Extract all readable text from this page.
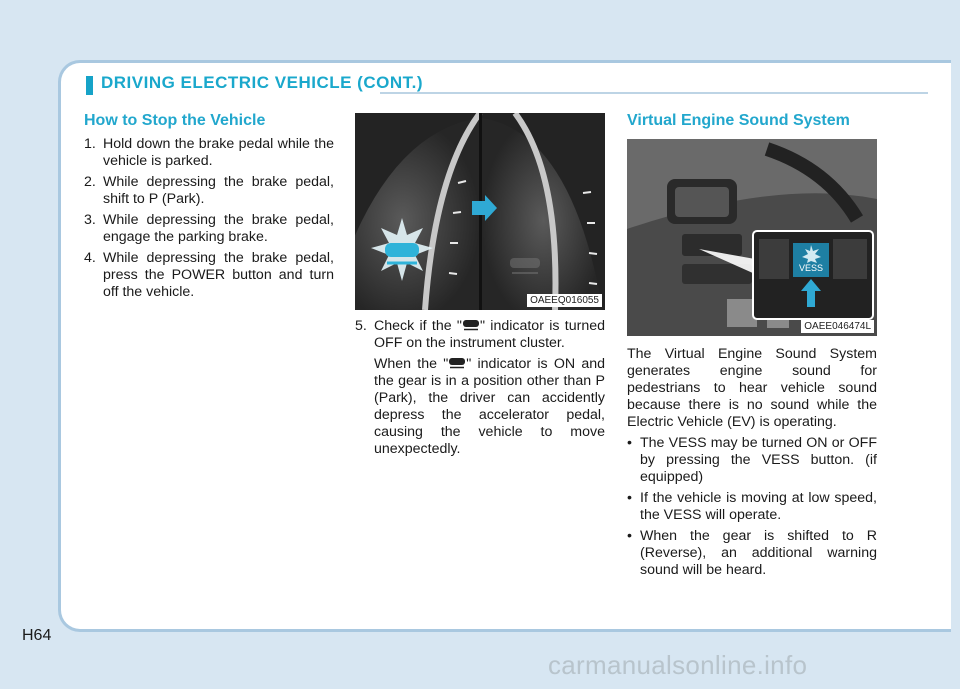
DRIVING ELECTRIC VEHICLE (CONT.)
How to Stop the Vehicle
1. Hold down the brake pedal while the vehicle is parked.
2. While depressing the brake pedal, shift to P (Park).
3. While depressing the brake pedal, engage the parking brake.
4. While depressing the brake pedal, press the POWER button and turn off the vehicle.
OAEEQ016055
5. Check if the " " indicator is turned OFF on the instrument cluster.
When the " " indicator is ON and the gear is in a position other than P (Park), the driver can accidently depress the accelerator pedal, causing the vehicle to move unexpectedly.
Virtual Engine Sound System
VESS
OAEE046474L
The Virtual Engine Sound System generates engine sound for pedestrians to hear vehicle sound because there is no sound while the Electric Vehicle (EV) is operating.
• The VESS may be turned ON or OFF by pressing the VESS button. (if equipped)
• If the vehicle is moving at low speed, the VESS will operate.
• When the gear is shifted to R (Reverse), an additional warning sound will be heard.
H64
carmanualsonline.info
